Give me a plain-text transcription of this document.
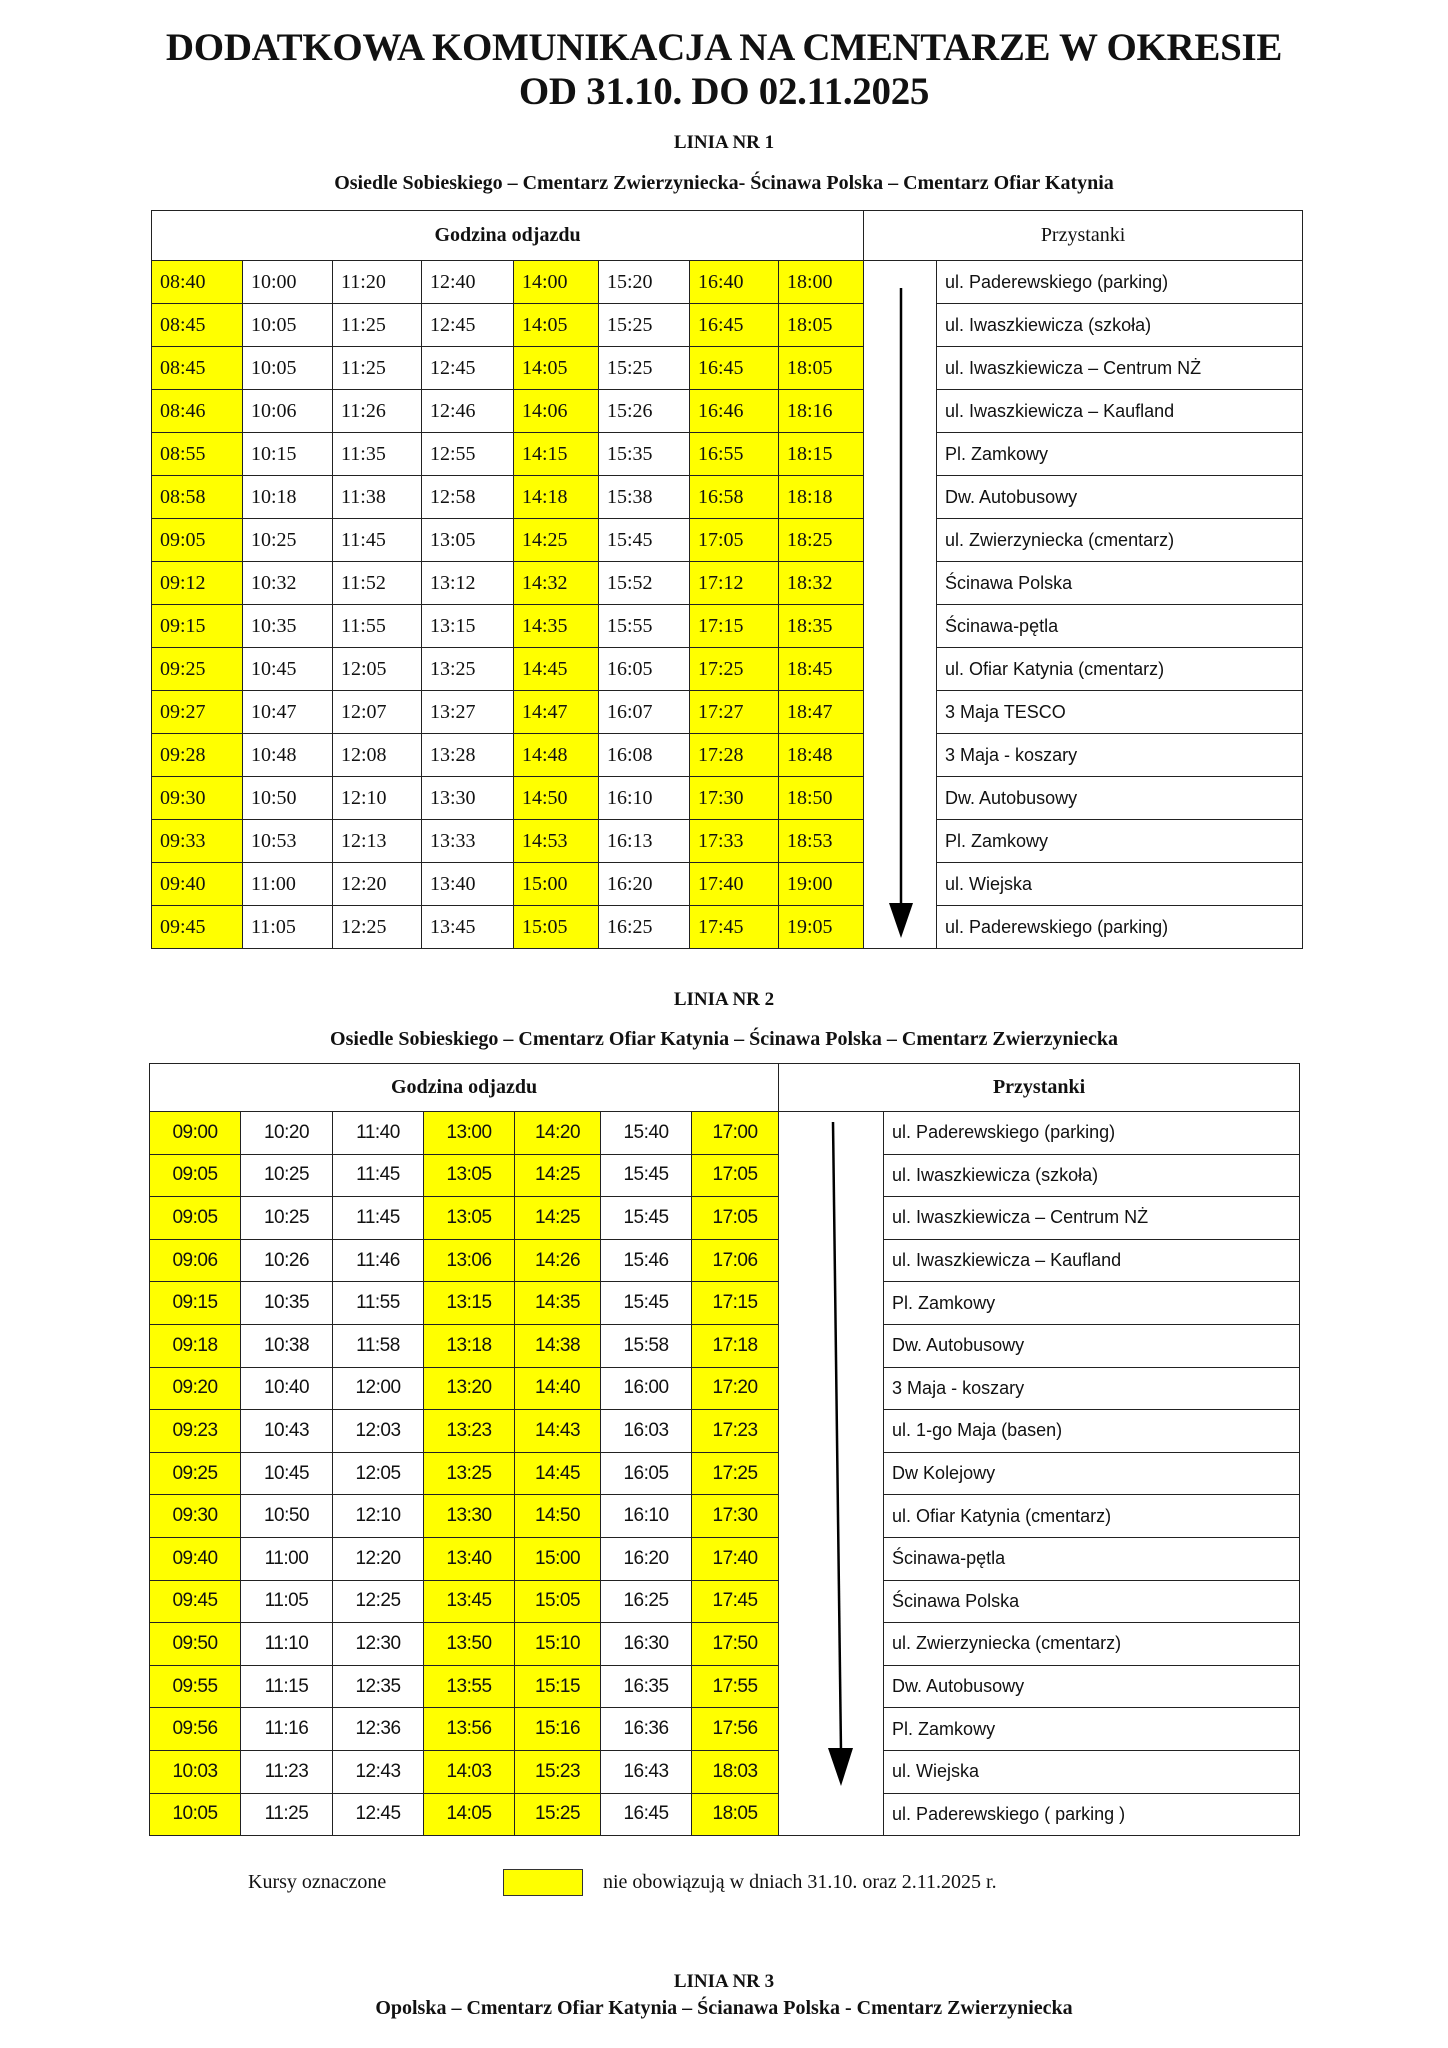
DODATKOWA KOMUNIKACJA NA CMENTARZE W OKRESIE
OD 31.10. DO 02.11.2025
LINIA NR 1
Osiedle Sobieskiego – Cmentarz Zwierzyniecka- Ścinawa Polska – Cmentarz Ofiar Katynia
Godzina odjazdu								Przystanki	
08:40	10:00	11:20	12:40	14:00	15:20	16:40	18:00		ul. Paderewskiego (parking)
08:45	10:05	11:25	12:45	14:05	15:25	16:45	18:05		ul. Iwaszkiewicza (szkoła)
08:45	10:05	11:25	12:45	14:05	15:25	16:45	18:05		ul. Iwaszkiewicza – Centrum NŻ
08:46	10:06	11:26	12:46	14:06	15:26	16:46	18:16		ul. Iwaszkiewicza – Kaufland
08:55	10:15	11:35	12:55	14:15	15:35	16:55	18:15		Pl. Zamkowy
08:58	10:18	11:38	12:58	14:18	15:38	16:58	18:18		Dw. Autobusowy
09:05	10:25	11:45	13:05	14:25	15:45	17:05	18:25		ul. Zwierzyniecka (cmentarz)
09:12	10:32	11:52	13:12	14:32	15:52	17:12	18:32		Ścinawa Polska
09:15	10:35	11:55	13:15	14:35	15:55	17:15	18:35		Ścinawa-pętla
09:25	10:45	12:05	13:25	14:45	16:05	17:25	18:45		ul. Ofiar Katynia (cmentarz)
09:27	10:47	12:07	13:27	14:47	16:07	17:27	18:47		3 Maja TESCO
09:28	10:48	12:08	13:28	14:48	16:08	17:28	18:48		3 Maja - koszary
09:30	10:50	12:10	13:30	14:50	16:10	17:30	18:50		Dw. Autobusowy
09:33	10:53	12:13	13:33	14:53	16:13	17:33	18:53		Pl. Zamkowy
09:40	11:00	12:20	13:40	15:00	16:20	17:40	19:00		ul. Wiejska
09:45	11:05	12:25	13:45	15:05	16:25	17:45	19:05		ul. Paderewskiego (parking)
LINIA NR 2
Osiedle Sobieskiego – Cmentarz Ofiar Katynia – Ścinawa Polska – Cmentarz Zwierzyniecka
Godzina odjazdu							Przystanki	
09:00	10:20	11:40	13:00	14:20	15:40	17:00		ul. Paderewskiego (parking)
09:05	10:25	11:45	13:05	14:25	15:45	17:05		ul. Iwaszkiewicza (szkoła)
09:05	10:25	11:45	13:05	14:25	15:45	17:05		ul. Iwaszkiewicza – Centrum NŻ
09:06	10:26	11:46	13:06	14:26	15:46	17:06		ul. Iwaszkiewicza – Kaufland
09:15	10:35	11:55	13:15	14:35	15:45	17:15		Pl. Zamkowy
09:18	10:38	11:58	13:18	14:38	15:58	17:18		Dw. Autobusowy
09:20	10:40	12:00	13:20	14:40	16:00	17:20		3 Maja - koszary
09:23	10:43	12:03	13:23	14:43	16:03	17:23		ul. 1-go Maja (basen)
09:25	10:45	12:05	13:25	14:45	16:05	17:25		Dw Kolejowy
09:30	10:50	12:10	13:30	14:50	16:10	17:30		ul. Ofiar Katynia (cmentarz)
09:40	11:00	12:20	13:40	15:00	16:20	17:40		Ścinawa-pętla
09:45	11:05	12:25	13:45	15:05	16:25	17:45		Ścinawa Polska
09:50	11:10	12:30	13:50	15:10	16:30	17:50		ul. Zwierzyniecka (cmentarz)
09:55	11:15	12:35	13:55	15:15	16:35	17:55		Dw. Autobusowy
09:56	11:16	12:36	13:56	15:16	16:36	17:56		Pl. Zamkowy
10:03	11:23	12:43	14:03	15:23	16:43	18:03		ul. Wiejska
10:05	11:25	12:45	14:05	15:25	16:45	18:05		ul. Paderewskiego ( parking )
Kursy oznaczone	nie obowiązują w dniach 31.10. oraz 2.11.2025 r.
LINIA NR 3
Opolska – Cmentarz Ofiar Katynia – Ścianawa Polska - Cmentarz Zwierzyniecka
